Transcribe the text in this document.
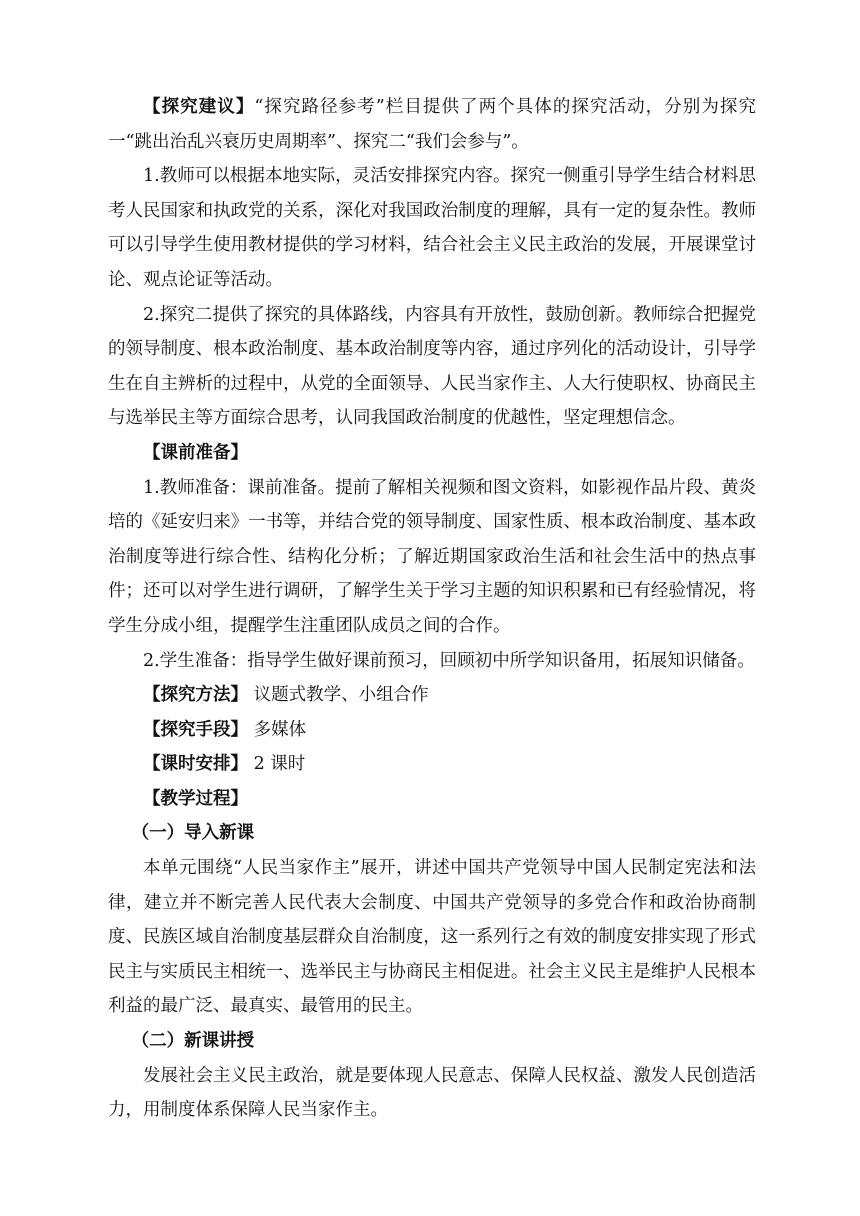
【探究建议】“探究路径参考”栏目提供了两个具体的探究活动，分别为探究一“跳出治乱兴衰历史周期率”、探究二“我们会参与”。

1.教师可以根据本地实际，灵活安排探究内容。探究一侧重引导学生结合材料思考人民国家和执政党的关系，深化对我国政治制度的理解，具有一定的复杂性。教师可以引导学生使用教材提供的学习材料，结合社会主义民主政治的发展，开展课堂讨论、观点论证等活动。

2.探究二提供了探究的具体路线，内容具有开放性，鼓励创新。教师综合把握党的领导制度、根本政治制度、基本政治制度等内容，通过序列化的活动设计，引导学生在自主辨析的过程中，从党的全面领导、人民当家作主、人大行使职权、协商民主与选举民主等方面综合思考，认同我国政治制度的优越性，坚定理想信念。

【课前准备】

1.教师准备：课前准备。提前了解相关视频和图文资料，如影视作品片段、黄炎培的《延安归来》一书等，并结合党的领导制度、国家性质、根本政治制度、基本政治制度等进行综合性、结构化分析；了解近期国家政治生活和社会生活中的热点事件；还可以对学生进行调研，了解学生关于学习主题的知识积累和已有经验情况，将学生分成小组，提醒学生注重团队成员之间的合作。

2.学生准备：指导学生做好课前预习，回顾初中所学知识备用，拓展知识储备。

【探究方法】 议题式教学、小组合作

【探究手段】 多媒体

【课时安排】 2 课时

【教学过程】

（一）导入新课

本单元围绕“人民当家作主”展开，讲述中国共产党领导中国人民制定宪法和法律，建立并不断完善人民代表大会制度、中国共产党领导的多党合作和政治协商制度、民族区域自治制度基层群众自治制度，这一系列行之有效的制度安排实现了形式民主与实质民主相统一、选举民主与协商民主相促进。社会主义民主是维护人民根本利益的最广泛、最真实、最管用的民主。

（二）新课讲授

发展社会主义民主政治，就是要体现人民意志、保障人民权益、激发人民创造活力，用制度体系保障人民当家作主。
